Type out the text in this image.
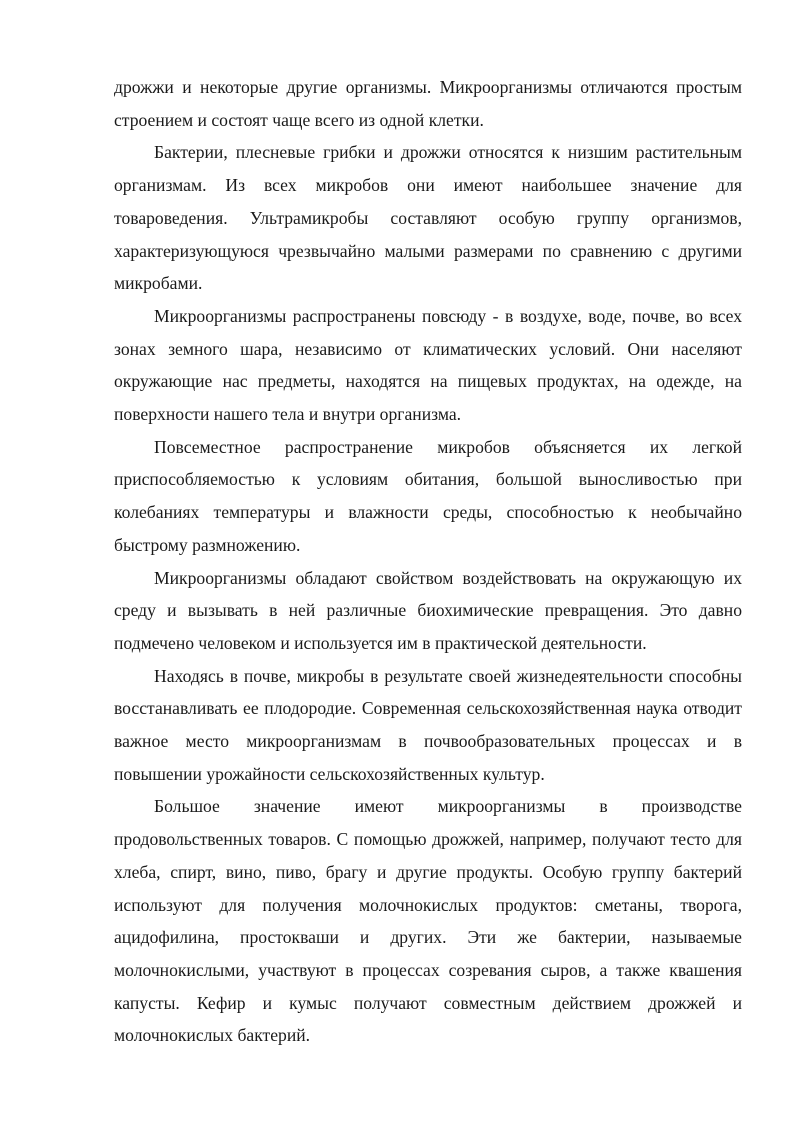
дрожжи и некоторые другие организмы. Микроорганизмы отличаются простым строением и состоят чаще всего из одной клетки.

Бактерии, плесневые грибки и дрожжи относятся к низшим растительным организмам. Из всех микробов они имеют наибольшее значение для товароведения. Ультрамикробы составляют особую группу организмов, характеризующуюся чрезвычайно малыми размерами по сравнению с другими микробами.

Микроорганизмы распространены повсюду - в воздухе, воде, почве, во всех зонах земного шара, независимо от климатических условий. Они населяют окружающие нас предметы, находятся на пищевых продуктах, на одежде, на поверхности нашего тела и внутри организма.

Повсеместное распространение микробов объясняется их легкой приспособляемостью к условиям обитания, большой выносливостью при колебаниях температуры и влажности среды, способностью к необычайно быстрому размножению.

Микроорганизмы обладают свойством воздействовать на окружающую их среду и вызывать в ней различные биохимические превращения. Это давно подмечено человеком и используется им в практической деятельности.

Находясь в почве, микробы в результате своей жизнедеятельности способны восстанавливать ее плодородие. Современная сельскохозяйственная наука отводит важное место микроорганизмам в почвообразовательных процессах и в повышении урожайности сельскохозяйственных культур.

Большое значение имеют микроорганизмы в производстве продовольственных товаров. С помощью дрожжей, например, получают тесто для хлеба, спирт, вино, пиво, брагу и другие продукты. Особую группу бактерий используют для получения молочнокислых продуктов: сметаны, творога, ацидофилина, простокваши и других. Эти же бактерии, называемые молочнокислыми, участвуют в процессах созревания сыров, а также квашения капусты. Кефир и кумыс получают совместным действием дрожжей и молочнокислых бактерий.
